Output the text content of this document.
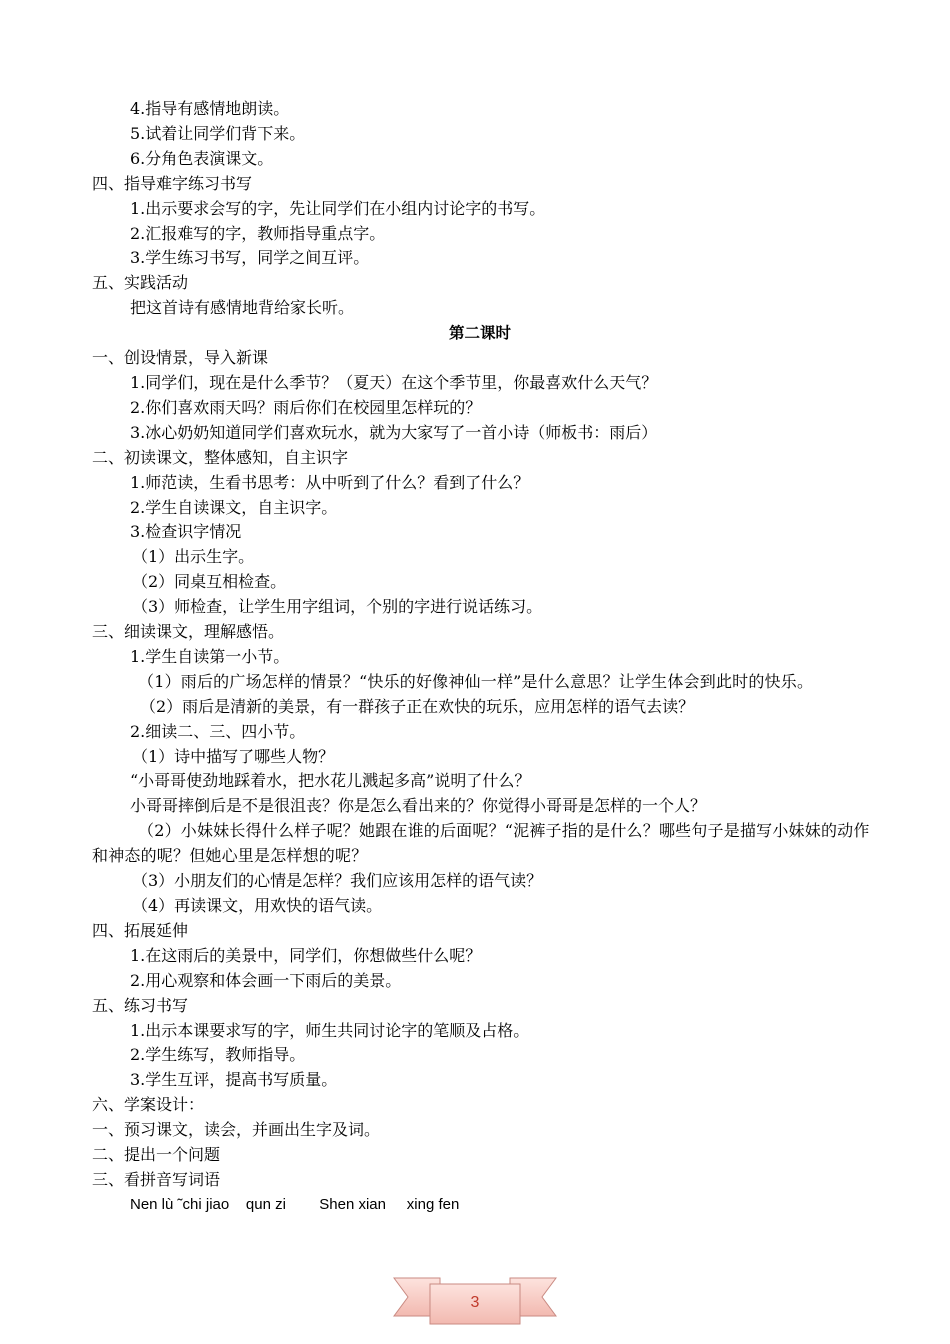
4.指导有感情地朗读。

5.试着让同学们背下来。

6.分角色表演课文。

四、指导难字练习书写

1.出示要求会写的字，先让同学们在小组内讨论字的书写。

2.汇报难写的字，教师指导重点字。

3.学生练习书写，同学之间互评。

五、实践活动

把这首诗有感情地背给家长听。

第二课时

一、创设情景，导入新课

1.同学们，现在是什么季节？（夏天）在这个季节里，你最喜欢什么天气？

2.你们喜欢雨天吗？雨后你们在校园里怎样玩的？

3.冰心奶奶知道同学们喜欢玩水，就为大家写了一首小诗（师板书：雨后）

二、初读课文，整体感知，自主识字

1.师范读，生看书思考：从中听到了什么？看到了什么？

2.学生自读课文，自主识字。

3.检查识字情况

（1）出示生字。

（2）同桌互相检查。

（3）师检查，让学生用字组词，个别的字进行说话练习。

三、细读课文，理解感悟。

1.学生自读第一小节。

（1）雨后的广场怎样的情景？“快乐的好像神仙一样”是什么意思？让学生体会到此时的快乐。

（2）雨后是清新的美景，有一群孩子正在欢快的玩乐，应用怎样的语气去读？

2.细读二、三、四小节。

（1）诗中描写了哪些人物？

“小哥哥使劲地踩着水，把水花儿溅起多高”说明了什么？

小哥哥摔倒后是不是很沮丧？你是怎么看出来的？你觉得小哥哥是怎样的一个人？

（2）小妹妹长得什么样子呢？她跟在谁的后面呢？“泥裤子指的是什么？哪些句子是描写小妹妹的动作和神态的呢？但她心里是怎样想的呢？

（3）小朋友们的心情是怎样？我们应该用怎样的语气读？

（4）再读课文，用欢快的语气读。

四、拓展延伸

1.在这雨后的美景中，同学们，你想做些什么呢？

2.用心观察和体会画一下雨后的美景。

五、练习书写

1.出示本课要求写的字，师生共同讨论字的笔顺及占格。

2.学生练写，教师指导。

3.学生互评，提高书写质量。

六、学案设计：

一、预习课文，读会，并画出生字及词。

二、提出一个问题

三、看拼音写词语

Nen lù ˜chi jiao    qun zi        Shen xian     xing fen

3
